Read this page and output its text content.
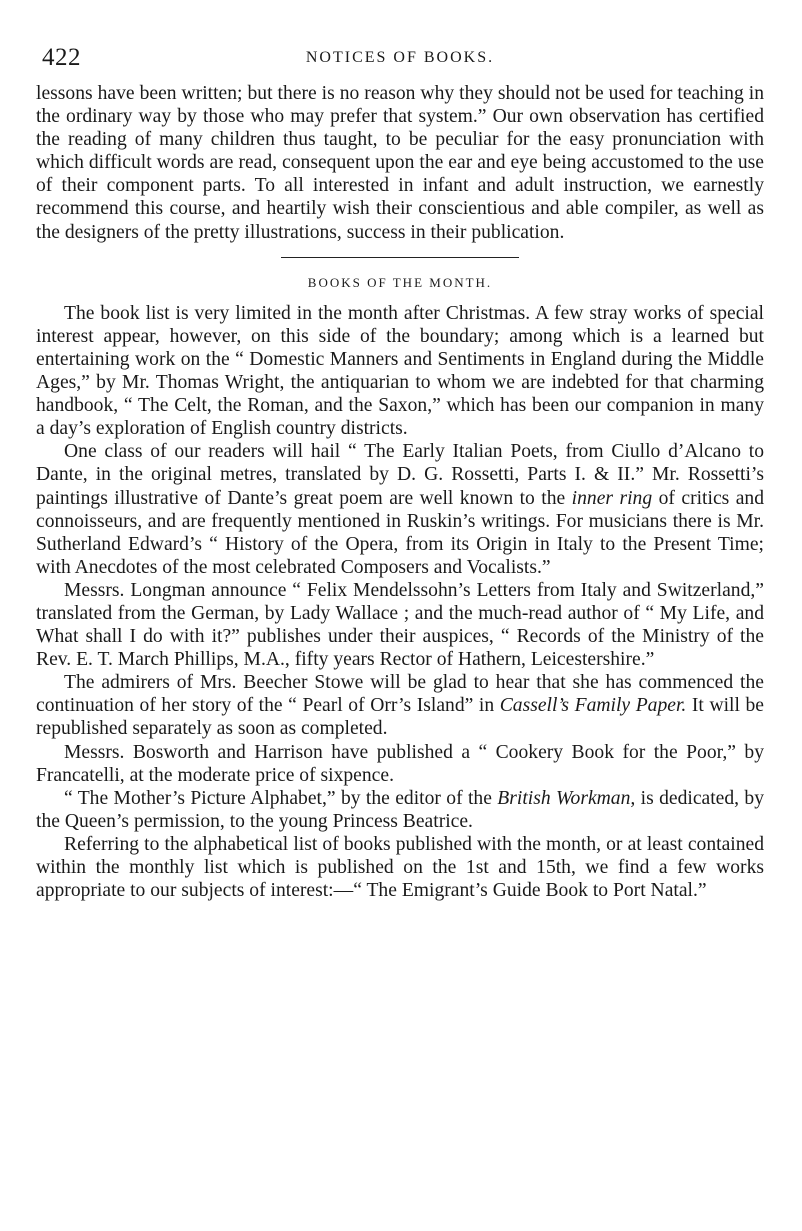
422	NOTICES OF BOOKS.

lessons have been written; but there is no reason why they should not be used for teaching in the ordinary way by those who may prefer that system.” Our own observation has certified the reading of many children thus taught, to be peculiar for the easy pronunciation with which difficult words are read, consequent upon the ear and eye being accustomed to the use of their component parts. To all interested in infant and adult instruction, we earnestly recommend this course, and heartily wish their conscientious and able compiler, as well as the designers of the pretty illustrations, success in their publication.

BOOKS OF THE MONTH.

The book list is very limited in the month after Christmas. A few stray works of special interest appear, however, on this side of the boundary; among which is a learned but entertaining work on the “ Domestic Manners and Sentiments in England during the Middle Ages,” by Mr. Thomas Wright, the antiquarian to whom we are indebted for that charming handbook, “ The Celt, the Roman, and the Saxon,” which has been our companion in many a day’s exploration of English country districts.

One class of our readers will hail “ The Early Italian Poets, from Ciullo d’Alcano to Dante, in the original metres, translated by D. G. Rossetti, Parts I. & II.” Mr. Rossetti’s paintings illustrative of Dante’s great poem are well known to the inner ring of critics and connoisseurs, and are frequently mentioned in Ruskin’s writings. For musicians there is Mr. Sutherland Edward’s “ History of the Opera, from its Origin in Italy to the Present Time; with Anecdotes of the most celebrated Composers and Vocalists.”

Messrs. Longman announce “ Felix Mendelssohn’s Letters from Italy and Switzerland,” translated from the German, by Lady Wallace ; and the much-read author of “ My Life, and What shall I do with it?” publishes under their auspices, “ Records of the Ministry of the Rev. E. T. March Phillips, M.A., fifty years Rector of Hathern, Leicestershire.”

The admirers of Mrs. Beecher Stowe will be glad to hear that she has commenced the continuation of her story of the “ Pearl of Orr’s Island” in Cassell’s Family Paper. It will be republished separately as soon as completed.

Messrs. Bosworth and Harrison have published a “ Cookery Book for the Poor,” by Francatelli, at the moderate price of sixpence.

“ The Mother’s Picture Alphabet,” by the editor of the British Workman, is dedicated, by the Queen’s permission, to the young Princess Beatrice.

Referring to the alphabetical list of books published with the month, or at least contained within the monthly list which is published on the 1st and 15th, we find a few works appropriate to our subjects of interest:—“ The Emigrant’s Guide Book to Port Natal.”
